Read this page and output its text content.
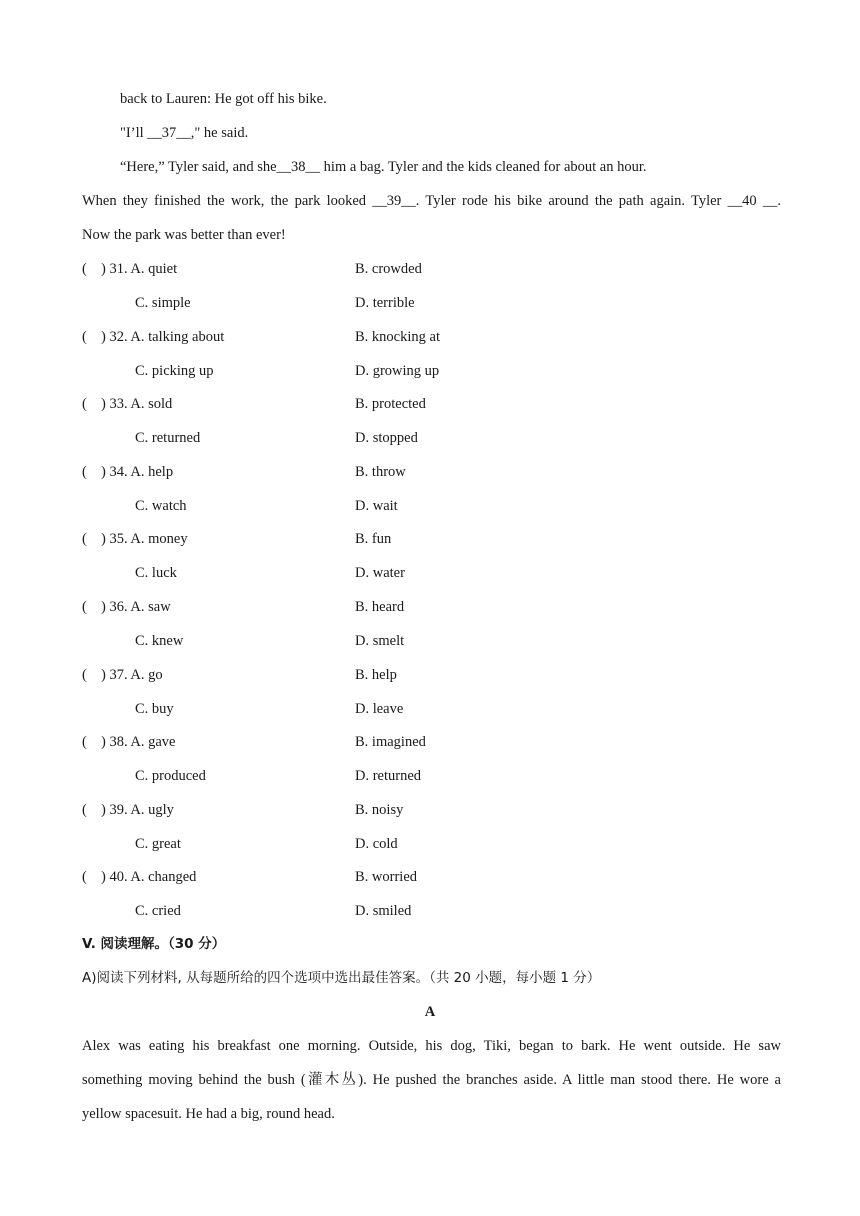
back to Lauren: He got off his bike.
"I’ll __37__," he said.
“Here,” Tyler said, and she__38__ him a bag. Tyler and the kids cleaned for about an hour.
When they finished the work, the park looked __39__. Tyler rode his bike around the path again. Tyler __40 __.
Now the park was better than ever!
( ) 31. A. quiet	B. crowded
C. simple	D. terrible
( ) 32. A. talking about	B. knocking at
C. picking up	D. growing up
( ) 33. A. sold	B. protected
C. returned	D. stopped
( ) 34. A. help	B. throw
C. watch	D. wait
( ) 35. A. money	B. fun
C. luck	D. water
( ) 36. A. saw	B. heard
C. knew	D. smelt
( ) 37. A. go	B. help
C. buy	D. leave
( ) 38. A. gave	B. imagined
C. produced	D. returned
( ) 39. A. ugly	B. noisy
C. great	D. cold
( ) 40. A. changed	B. worried
C. cried	D. smiled
V. 阅读理解。（30 分）
A)阅读下列材料, 从每题所给的四个选项中选出最佳答案。（共 20 小题，每小题 1 分）
A
Alex was eating his breakfast one morning. Outside, his dog, Tiki, began to bark. He went outside. He saw
something moving behind the bush (灌木丛). He pushed the branches aside. A little man stood there. He wore a
yellow spacesuit. He had a big, round head.
